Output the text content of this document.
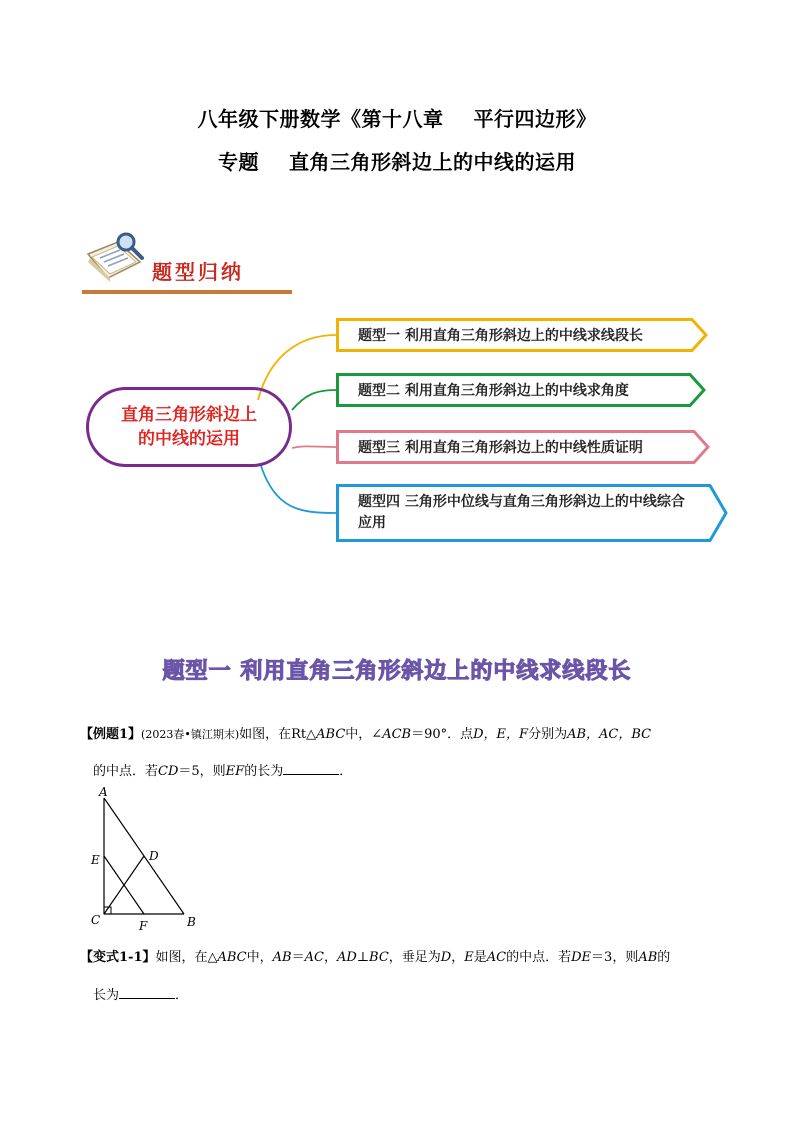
八年级下册数学《第十八章 平行四边形》
专题 直角三角形斜边上的中线的运用
题型归纳
直角三角形斜边上
的中线的运用
题型一 利用直角三角形斜边上的中线求线段长
题型二 利用直角三角形斜边上的中线求角度
题型三 利用直角三角形斜边上的中线性质证明
题型四 三角形中位线与直角三角形斜边上的中线综合应用
题型一 利用直角三角形斜边上的中线求线段长
【例题1】(2023春•镇江期末)如图，在Rt△ABC中，∠ACB＝90°．点D，E，F分别为AB，AC，BC
的中点．若CD＝5，则EF的长为	．
A
B
C
D
E
F
【变式1-1】如图，在△ABC中，AB＝AC，AD⊥BC，垂足为D，E是AC的中点．若DE＝3，则AB的
长为	．
